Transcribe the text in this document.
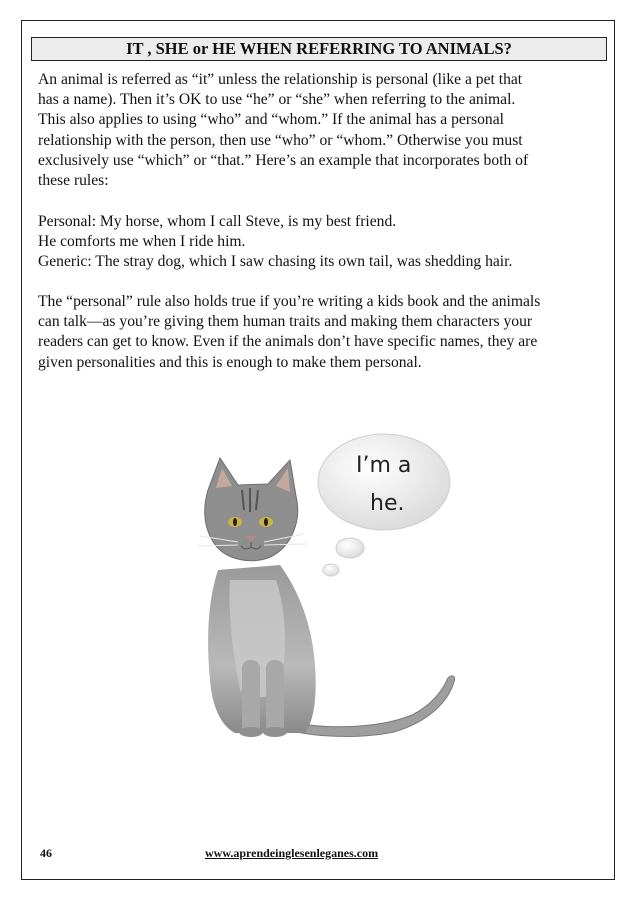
IT , SHE or HE WHEN REFERRING TO ANIMALS?

An animal is referred as “it” unless the relationship is personal (like a pet that
has a name). Then it’s OK to use “he” or “she” when referring to the animal.
This also applies to using “who” and “whom.” If the animal has a personal
relationship with the person, then use “who” or “whom.” Otherwise you must
exclusively use “which” or “that.” Here’s an example that incorporates both of
these rules:

Personal: My horse, whom I call Steve, is my best friend.
He comforts me when I ride him.
Generic: The stray dog, which I saw chasing its own tail, was shedding hair.

The “personal” rule also holds true if you’re writing a kids book and the animals
can talk—as you’re giving them human traits and making them characters your
readers can get to know. Even if the animals don’t have specific names, they are
given personalities and this is enough to make them personal.

I’m a
he.
46	www.aprendeinglesenleganes.com
